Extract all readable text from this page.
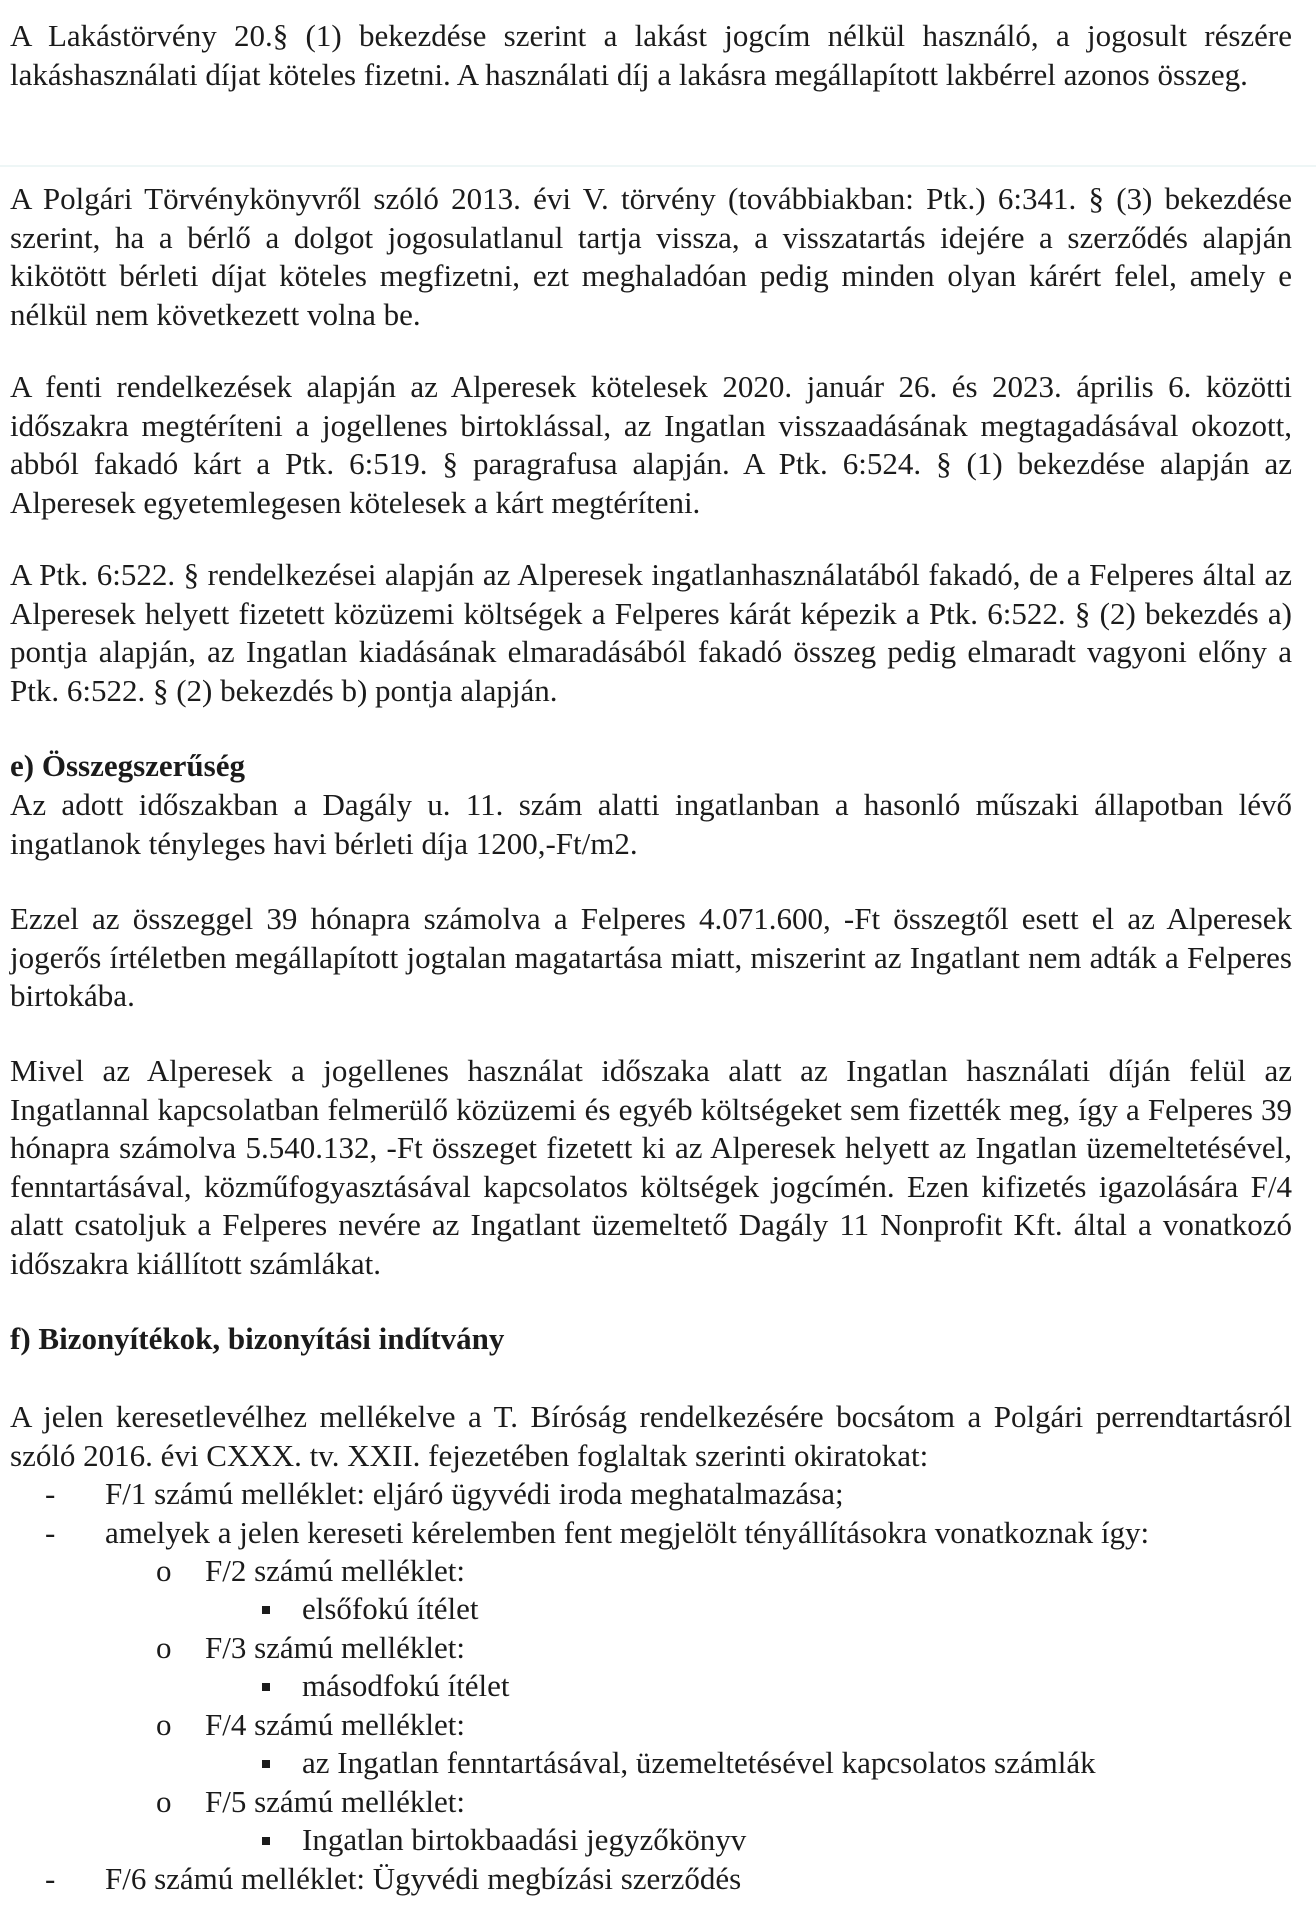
A Lakástörvény 20.§ (1) bekezdése szerint a lakást jogcím nélkül használó, a jogosult részére lakáshasználati díjat köteles fizetni. A használati díj a lakásra megállapított lakbérrel azonos összeg.

A Polgári Törvénykönyvről szóló 2013. évi V. törvény (továbbiakban: Ptk.) 6:341. § (3) bekezdése szerint, ha a bérlő a dolgot jogosulatlanul tartja vissza, a visszatartás idejére a szerződés alapján kikötött bérleti díjat köteles megfizetni, ezt meghaladóan pedig minden olyan kárért felel, amely e nélkül nem következett volna be.

A fenti rendelkezések alapján az Alperesek kötelesek 2020. január 26. és 2023. április 6. közötti időszakra megtéríteni a jogellenes birtoklással, az Ingatlan visszaadásának megtagadásával okozott, abból fakadó kárt a Ptk. 6:519. § paragrafusa alapján. A Ptk. 6:524. § (1) bekezdése alapján az Alperesek egyetemlegesen kötelesek a kárt megtéríteni.

A Ptk. 6:522. § rendelkezései alapján az Alperesek ingatlanhasználatából fakadó, de a Felperes által az Alperesek helyett fizetett közüzemi költségek a Felperes kárát képezik a Ptk. 6:522. § (2) bekezdés a) pontja alapján, az Ingatlan kiadásának elmaradásából fakadó összeg pedig elmaradt vagyoni előny a Ptk. 6:522. § (2) bekezdés b) pontja alapján.

e) Összegszerűség

Az adott időszakban a Dagály u. 11. szám alatti ingatlanban a hasonló műszaki állapotban lévő ingatlanok tényleges havi bérleti díja 1200,-Ft/m2.

Ezzel az összeggel 39 hónapra számolva a Felperes 4.071.600, -Ft összegtől esett el az Alperesek jogerős írtéletben megállapított jogtalan magatartása miatt, miszerint az Ingatlant nem adták a Felperes birtokába.

Mivel az Alperesek a jogellenes használat időszaka alatt az Ingatlan használati díján felül az Ingatlannal kapcsolatban felmerülő közüzemi és egyéb költségeket sem fizették meg, így a Felperes 39 hónapra számolva 5.540.132, -Ft összeget fizetett ki az Alperesek helyett az Ingatlan üzemeltetésével, fenntartásával, közműfogyasztásával kapcsolatos költségek jogcímén. Ezen kifizetés igazolására F/4 alatt csatoljuk a Felperes nevére az Ingatlant üzemeltető Dagály 11 Nonprofit Kft. által a vonatkozó időszakra kiállított számlákat.

f) Bizonyítékok, bizonyítási indítvány

A jelen keresetlevélhez mellékelve a T. Bíróság rendelkezésére bocsátom a Polgári perrendtartásról szóló 2016. évi CXXX. tv. XXII. fejezetében foglaltak szerinti okiratokat:

- F/1 számú melléklet: eljáró ügyvédi iroda meghatalmazása;
- amelyek a jelen kereseti kérelemben fent megjelölt tényállításokra vonatkoznak így:
o F/2 számú melléklet:
elsőfokú ítélet
o F/3 számú melléklet:
másodfokú ítélet
o F/4 számú melléklet:
az Ingatlan fenntartásával, üzemeltetésével kapcsolatos számlák
o F/5 számú melléklet:
Ingatlan birtokbaadási jegyzőkönyv
- F/6 számú melléklet: Ügyvédi megbízási szerződés
